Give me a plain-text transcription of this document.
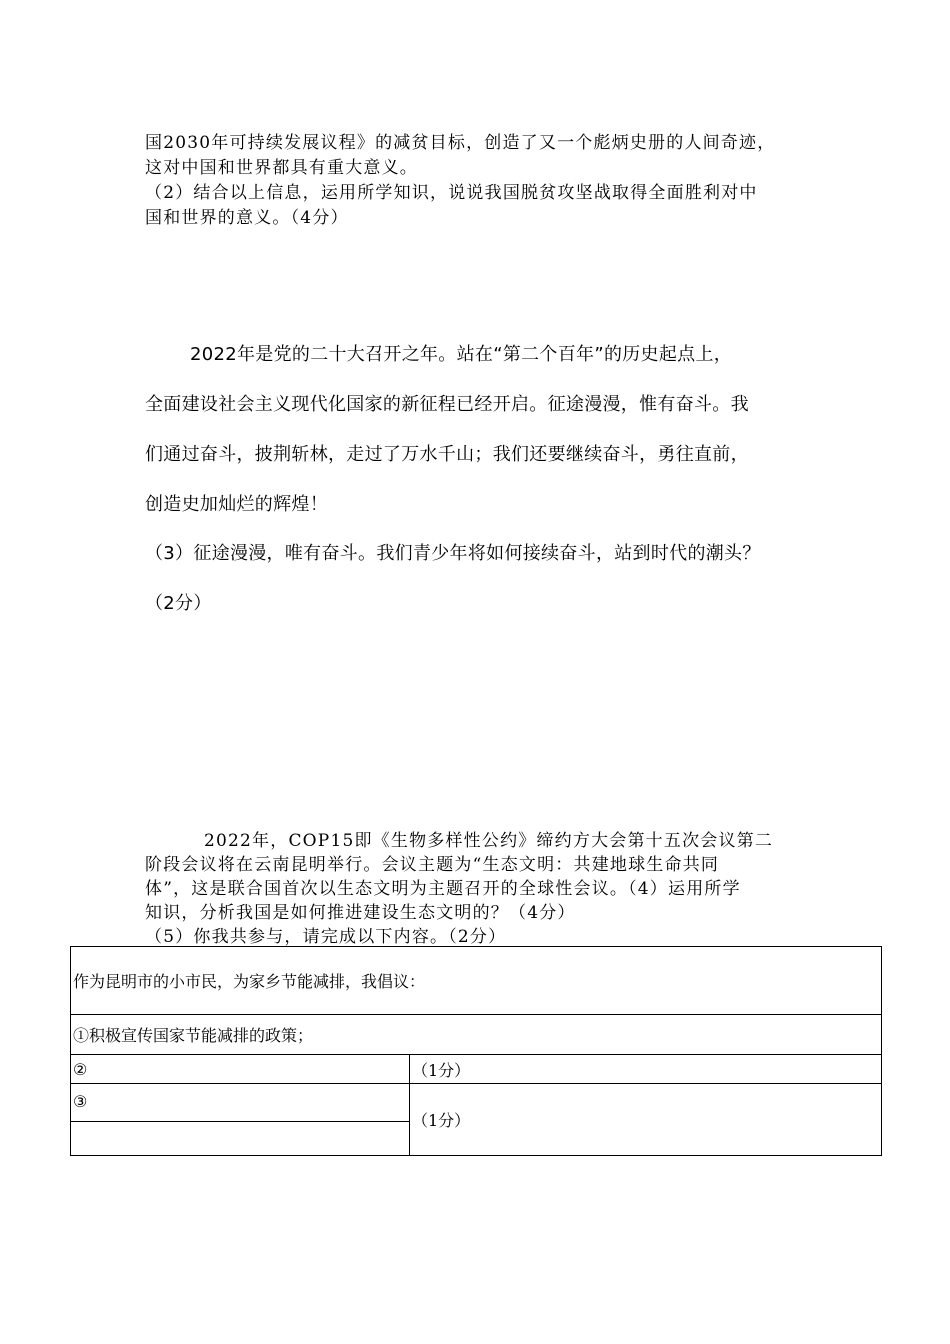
国2030年可持续发展议程》的减贫目标，创造了又一个彪炳史册的人间奇迹，
这对中国和世界都具有重大意义。
（2）结合以上信息，运用所学知识，说说我国脱贫攻坚战取得全面胜利对中
国和世界的意义。（4分）
2022年是党的二十大召开之年。站在“第二个百年”的历史起点上，
全面建设社会主义现代化国家的新征程已经开启。征途漫漫，惟有奋斗。我
们通过奋斗，披荆斩林，走过了万水千山；我们还要继续奋斗，勇往直前，
创造史加灿烂的辉煌！
（3）征途漫漫，唯有奋斗。我们青少年将如何接续奋斗，站到时代的潮头？
（2分）
2022年，COP15即《生物多样性公约》缔约方大会第十五次会议第二
阶段会议将在云南昆明举行。会议主题为“生态文明：共建地球生命共同
体”，这是联合国首次以生态文明为主题召开的全球性会议。（4）运用所学
知识，分析我国是如何推进建设生态文明的？（4分）
（5）你我共参与，请完成以下内容。（2分）
作为昆明市的小市民，为家乡节能减排，我倡议：	
①积极宣传国家节能减排的政策；	
②	（1分）
③	（1分）
